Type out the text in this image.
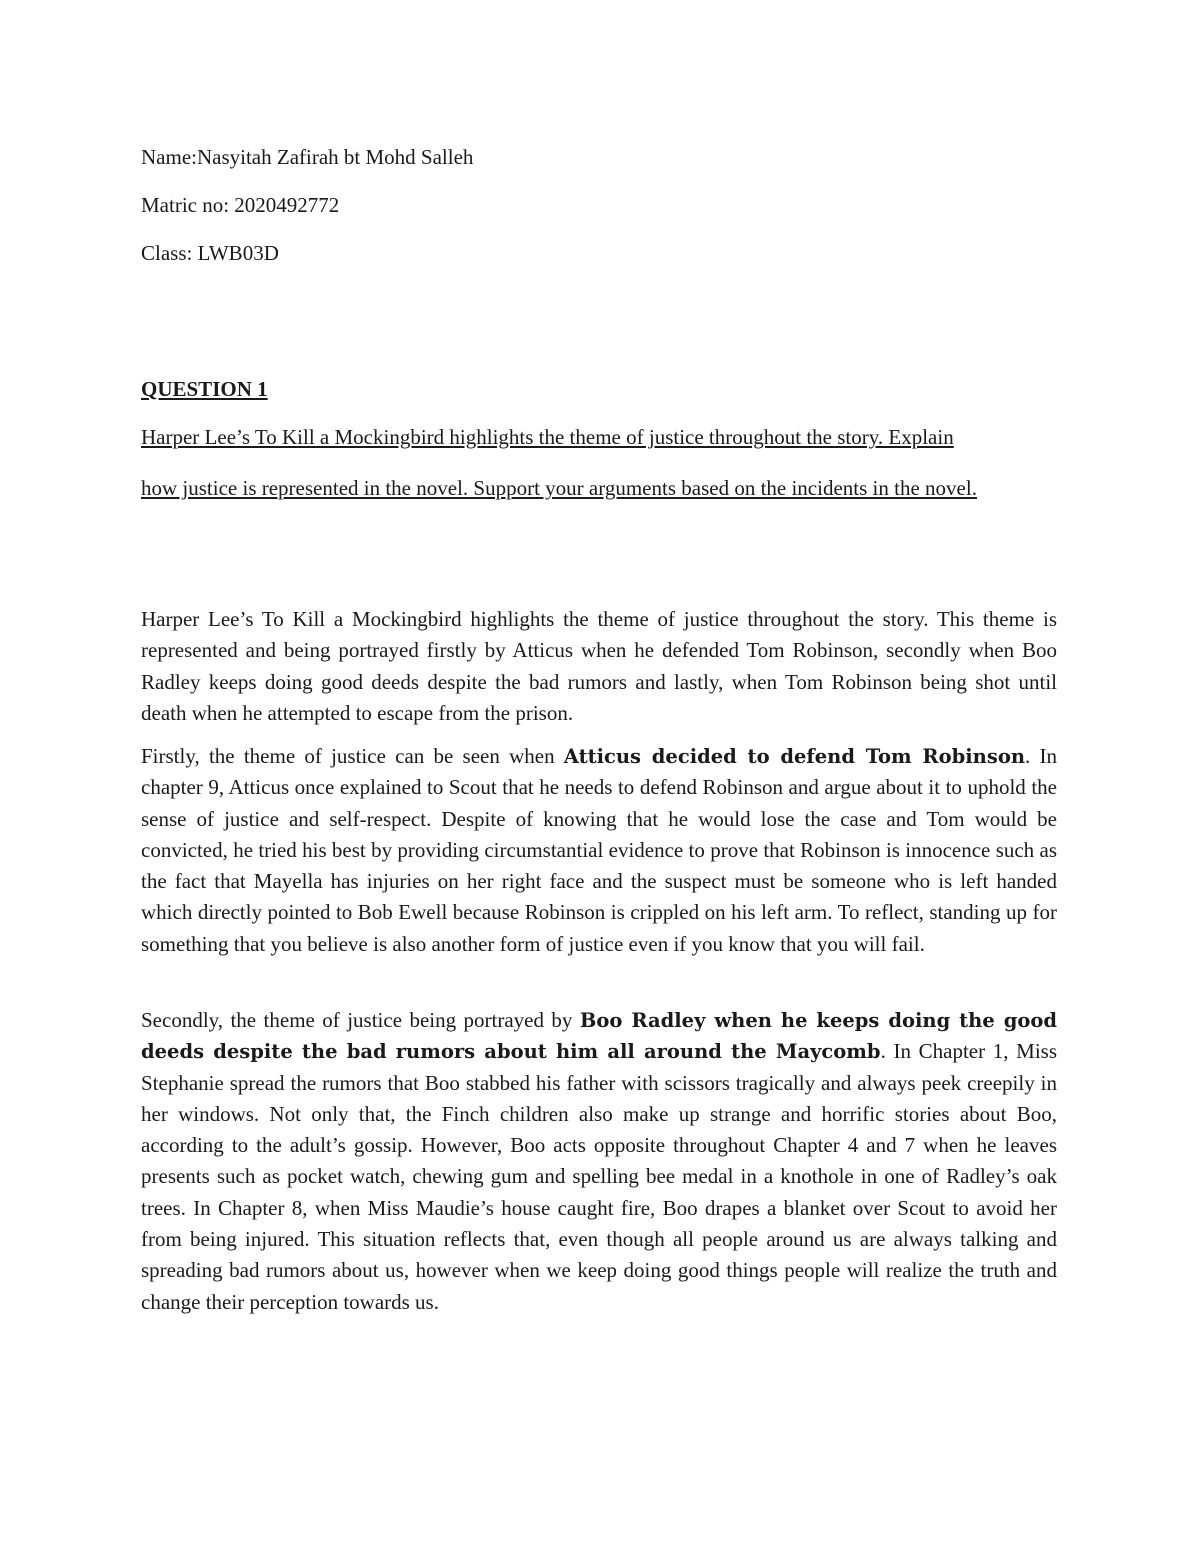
Name:Nasyitah Zafirah bt Mohd Salleh

Matric no: 2020492772

Class: LWB03D

QUESTION 1

Harper Lee’s To Kill a Mockingbird highlights the theme of justice throughout the story. Explain

how justice is represented in the novel. Support your arguments based on the incidents in the novel.

Harper Lee’s To Kill a Mockingbird highlights the theme of justice throughout the story. This theme is represented and being portrayed firstly by Atticus when he defended Tom Robinson, secondly when Boo Radley keeps doing good deeds despite the bad rumors and lastly, when Tom Robinson being shot until death when he attempted to escape from the prison.

Firstly, the theme of justice can be seen when Atticus decided to defend Tom Robinson. In chapter 9, Atticus once explained to Scout that he needs to defend Robinson and argue about it to uphold the sense of justice and self-respect. Despite of knowing that he would lose the case and Tom would be convicted, he tried his best by providing circumstantial evidence to prove that Robinson is innocence such as the fact that Mayella has injuries on her right face and the suspect must be someone who is left handed which directly pointed to Bob Ewell because Robinson is crippled on his left arm. To reflect, standing up for something that you believe is also another form of justice even if you know that you will fail.

Secondly, the theme of justice being portrayed by Boo Radley when he keeps doing the good deeds despite the bad rumors about him all around the Maycomb. In Chapter 1, Miss Stephanie spread the rumors that Boo stabbed his father with scissors tragically and always peek creepily in her windows. Not only that, the Finch children also make up strange and horrific stories about Boo, according to the adult’s gossip. However, Boo acts opposite throughout Chapter 4 and 7 when he leaves presents such as pocket watch, chewing gum and spelling bee medal in a knothole in one of Radley’s oak trees. In Chapter 8, when Miss Maudie’s house caught fire, Boo drapes a blanket over Scout to avoid her from being injured. This situation reflects that, even though all people around us are always talking and spreading bad rumors about us, however when we keep doing good things people will realize the truth and change their perception towards us.
